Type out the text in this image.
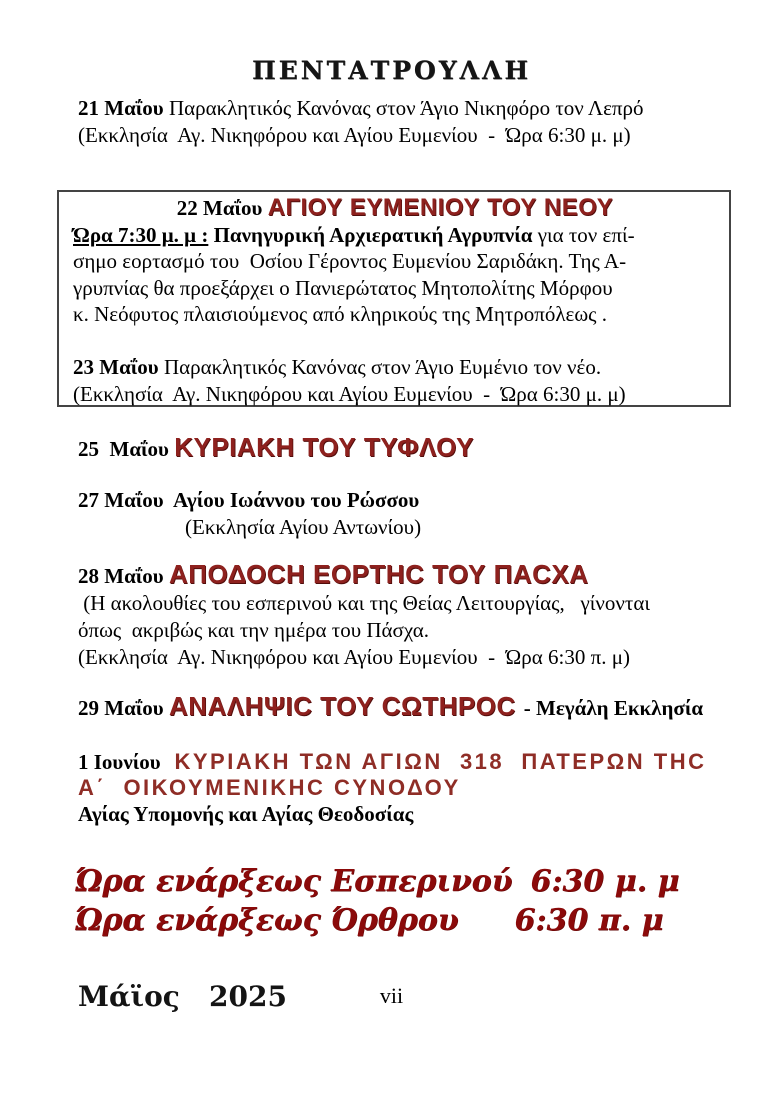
ΠΕΝΤΑΤΡΟΥΛΛΗ
21 Μαΐου Παρακλητικός Κανόνας στον Άγιο Νικηφόρο τον Λεπρό
(Εκκλησία  Αγ. Νικηφόρου και Αγίου Ευμενίου  -  Ώρα 6:30 μ. μ)
22 Μαΐου ΑΓΙΟΥ ΕΥΜΕΝΙΟΥ ΤΟΥ ΝΕΟΥ
Ώρα 7:30 μ. μ : Πανηγυρική Αρχιερατική Αγρυπνία για τον επί-
σημο εορτασμό του  Οσίου Γέροντος Ευμενίου Σαριδάκη. Της Α-
γρυπνίας θα προεξάρχει ο Πανιερώτατος Μητοπολίτης Μόρφου
κ. Νεόφυτος πλαισιούμενος από κληρικούς της Μητροπόλεως .

23 Μαΐου Παρακλητικός Κανόνας στον Άγιο Ευμένιο τον νέο.
(Εκκλησία  Αγ. Νικηφόρου και Αγίου Ευμενίου  -  Ώρα 6:30 μ. μ)
25  Μαΐου ΚΥΡΙΑΚΗ ΤΟΥ ΤΥΦΛΟΥ
27 Μαΐου  Αγίου Ιωάννου του Ρώσσου
(Εκκλησία Αγίου Αντωνίου)
28 Μαΐου ΑΠΟΔΟCΗ ΕΟΡΤΗC ΤΟΥ ΠΑCΧΑ
(Η ακολουθίες του εσπερινού και της Θείας Λειτουργίας,   γίνονται
όπως  ακριβώς και την ημέρα του Πάσχα.
(Εκκλησία  Αγ. Νικηφόρου και Αγίου Ευμενίου  -  Ώρα 6:30 π. μ)
29 Μαΐου ΑΝΑΛΗΨΙC ΤΟΥ CΩΤΗΡΟC - Μεγάλη Εκκλησία
1 Ιουνίου  ΚΥΡΙΑΚΗ ΤΩΝ ΑΓΙΩΝ  318  ΠΑΤΕΡΩΝ ΤΗC
Α΄  ΟΙΚΟΥΜΕΝΙΚΗC CΥΝΟΔΟΥ
Αγίας Υπομονής και Αγίας Θεοδοσίας
Ώρα ενάρξεως Εσπερινού 6:30 μ. μ
Ώρα ενάρξεως Όρθρου 6:30 π. μ
Μάϊος   2025	vii
